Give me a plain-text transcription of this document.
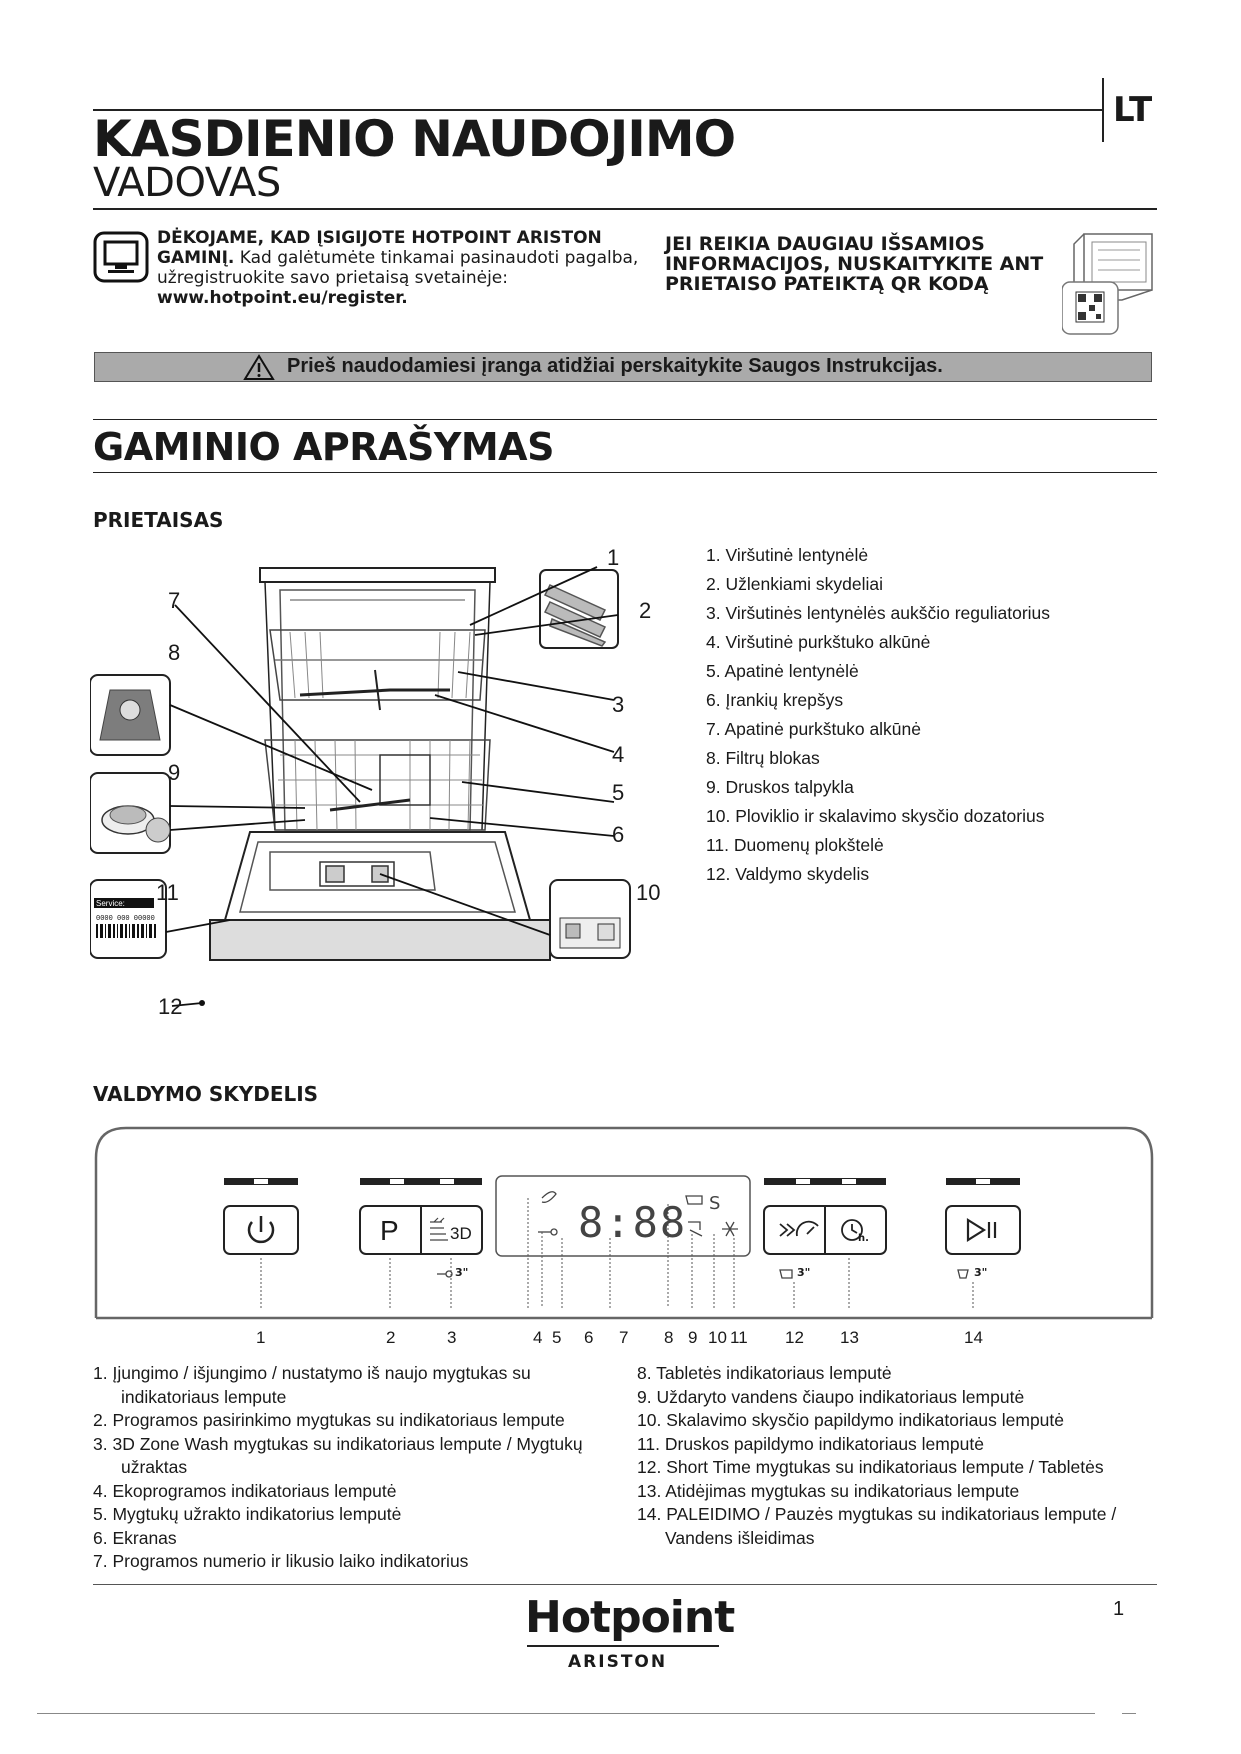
LT
KASDIENIO NAUDOJIMO
VADOVAS
DĖKOJAME, KAD ĮSIGIJOTE HOTPOINT ARISTON GAMINĮ. Kad galėtumėte tinkamai pasinaudoti pagalba, užregistruokite savo prietaisą svetainėje: www.hotpoint.eu/register.
JEI REIKIA DAUGIAU IŠSAMIOS INFORMACIJOS, NUSKAITYKITE ANT PRIETAISO PATEIKTĄ QR KODĄ
Prieš naudodamiesi įranga atidžiai perskaitykite Saugos Instrukcijas.
GAMINIO APRAŠYMAS
PRIETAISAS
Service:
0000 000 00000
1
2
3
4
5
6
7
8
9
10
11
12
1. Viršutinė lentynėlė
2. Užlenkiami skydeliai
3. Viršutinės lentynėlės aukščio reguliatorius
4. Viršutinė purkštuko alkūnė
5. Apatinė lentynėlė
6. Įrankių krepšys
7. Apatinė purkštuko alkūnė
8. Filtrų blokas
9. Druskos talpykla
10. Ploviklio ir skalavimo skysčio dozatorius
11. Duomenų plokštelė
12. Valdymo skydelis
VALDYMO SKYDELIS
P	3D	8:88 S
3"	3"	3"
h.
1	2	3	4 5 6 7 8 9 10 11 12 13	14
1. Įjungimo / išjungimo / nustatymo iš naujo mygtukas su indikatoriaus lempute
2. Programos pasirinkimo mygtukas su indikatoriaus lempute
3. 3D Zone Wash mygtukas su indikatoriaus lempute / Mygtukų užraktas
4. Ekoprogramos indikatoriaus lemputė
5. Mygtukų užrakto indikatorius lemputė
6. Ekranas
7. Programos numerio ir likusio laiko indikatorius
8. Tabletės indikatoriaus lemputė
9. Uždaryto vandens čiaupo indikatoriaus lemputė
10. Skalavimo skysčio papildymo indikatoriaus lemputė
11. Druskos papildymo indikatoriaus lemputė
12. Short Time mygtukas su indikatoriaus lempute / Tabletės
13. Atidėjimas mygtukas su indikatoriaus lempute
14. PALEIDIMO / Pauzės mygtukas su indikatoriaus lempute / Vandens išleidimas
Hotpoint
ARISTON
1
